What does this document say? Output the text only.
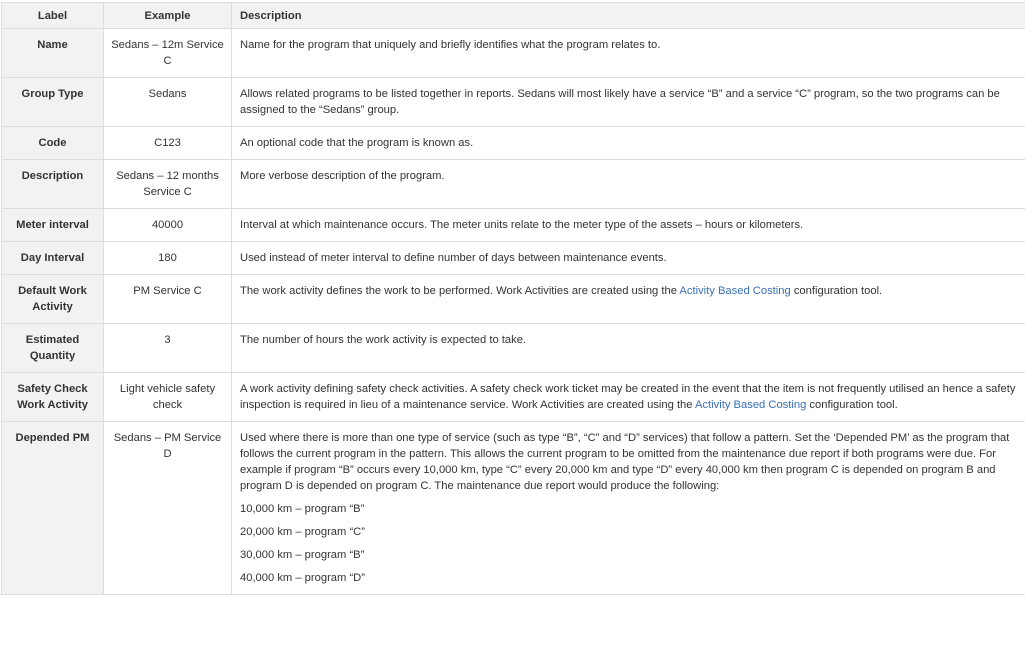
Label	Example	Description
Name	Sedans – 12m Service C	Name for the program that uniquely and briefly identifies what the program relates to.
Group Type	Sedans	Allows related programs to be listed together in reports. Sedans will most likely have a service “B” and a service “C” program, so the two programs can be assigned to the “Sedans” group.
Code	C123	An optional code that the program is known as.
Description	Sedans – 12 months Service C	More verbose description of the program.
Meter interval	40000	Interval at which maintenance occurs. The meter units relate to the meter type of the assets – hours or kilometers.
Day Interval	180	Used instead of meter interval to define number of days between maintenance events.
Default Work Activity	PM Service C	The work activity defines the work to be performed. Work Activities are created using the Activity Based Costing configuration tool.
Estimated Quantity	3	The number of hours the work activity is expected to take.
Safety Check Work Activity	Light vehicle safety check	A work activity defining safety check activities. A safety check work ticket may be created in the event that the item is not frequently utilised an hence a safety inspection is required in lieu of a maintenance service. Work Activities are created using the Activity Based Costing configuration tool.
Depended PM	Sedans – PM Service D	Used where there is more than one type of service (such as type “B”, “C” and “D” services) that follow a pattern. Set the ‘Depended PM’ as the program that follows the current program in the pattern. This allows the current program to be omitted from the maintenance due report if both programs were due. For example if program “B” occurs every 10,000 km, type “C” every 20,000 km and type “D” every 40,000 km then program C is depended on program B and program D is depended on program C. The maintenance due report would produce the following:

10,000 km – program “B”

20,000 km – program “C”

30,000 km – program “B”

40,000 km – program “D”
